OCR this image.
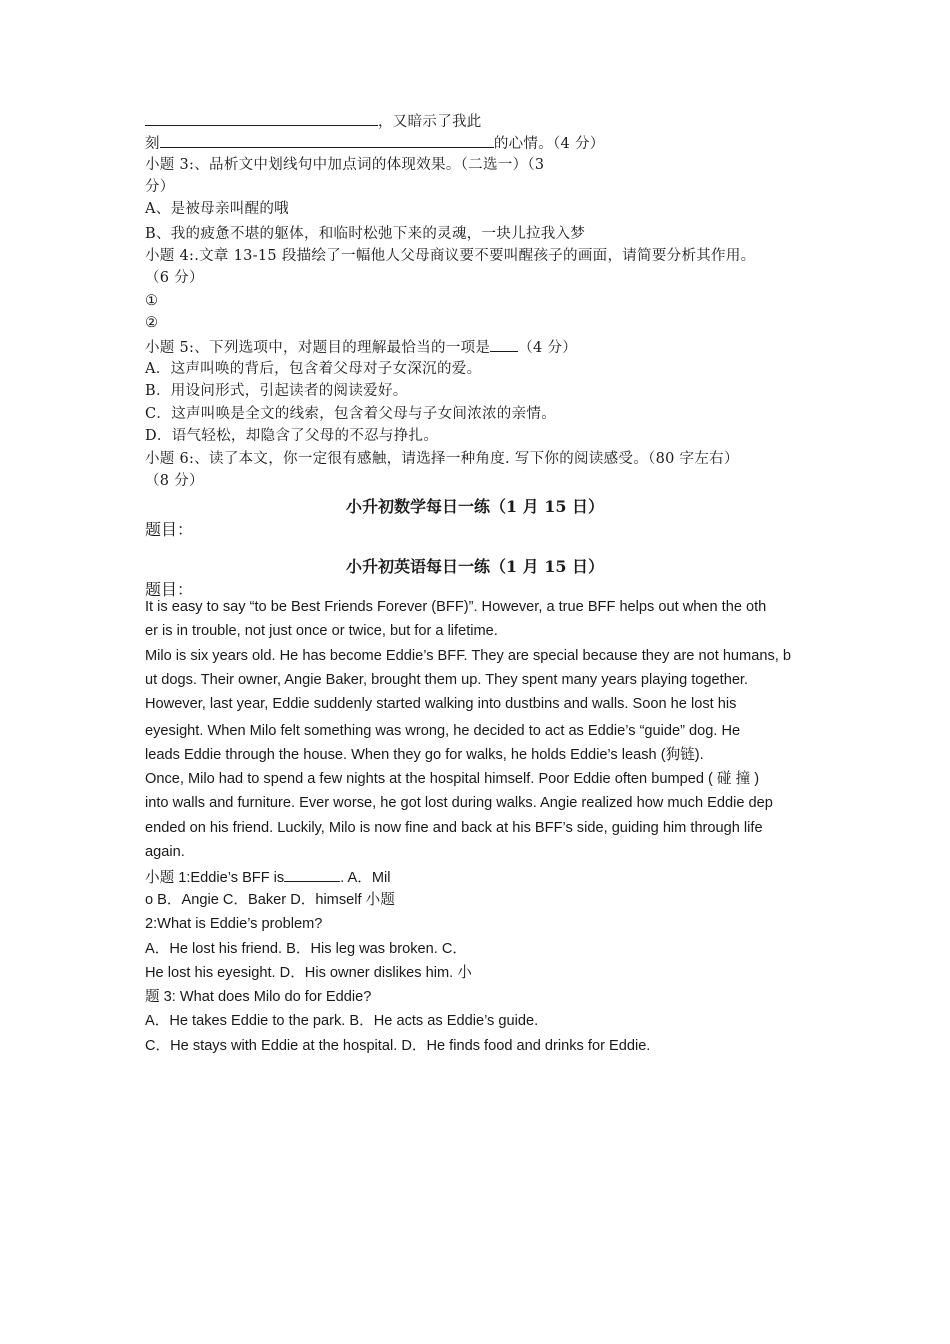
，又暗示了我此
刻	的心情。（4 分）
小题 3:、品析文中划线句中加点词的体现效果。（二选一）（3
分）
A、是被母亲叫醒的哦
B、我的疲惫不堪的躯体，和临时松弛下来的灵魂，一块儿拉我入梦
小题 4:.文章 13-15 段描绘了一幅他人父母商议要不要叫醒孩子的画面，请简要分析其作用。
（6 分）
①
②
小题 5:、下列选项中，对题目的理解最恰当的一项是 （4 分）
A．这声叫唤的背后，包含着父母对子女深沉的爱。
B．用设问形式，引起读者的阅读爱好。
C．这声叫唤是全文的线索，包含着父母与子女间浓浓的亲情。
D．语气轻松，却隐含了父母的不忍与挣扎。
小题 6:、读了本文，你一定很有感触，请选择一种角度. 写下你的阅读感受。（80 字左右）
（8 分）
小升初数学每日一练（1 月 15 日）
题目：
小升初英语每日一练（1 月 15 日）
题目：
It is easy to say “to be Best Friends Forever (BFF)”. However, a true BFF helps out when the oth
er is in trouble, not just once or twice, but for a lifetime.
Milo is six years old. He has become Eddie’s BFF. They are special because they are not humans, b
ut dogs. Their owner, Angie Baker, brought them up. They spent many years playing together.
However, last year, Eddie suddenly started walking into dustbins and walls. Soon he lost his
eyesight. When Milo felt something was wrong, he decided to act as Eddie’s “guide” dog. He
leads Eddie through the house. When they go for walks, he holds Eddie’s leash (狗链).
Once, Milo had to spend a few nights at the hospital himself. Poor Eddie often bumped ( 碰 撞 )
into walls and furniture. Ever worse, he got lost during walks. Angie realized how much Eddie dep
ended on his friend. Luckily, Milo is now fine and back at his BFF’s side, guiding him through life
again.
小题 1:Eddie’s BFF is	. A．Mil
o B．Angie C．Baker D．himself 小题
2:What is Eddie’s problem?
A．He lost his friend. B．His leg was broken. C．
He lost his eyesight. D．His owner dislikes him. 小
题 3: What does Milo do for Eddie?
A．He takes Eddie to the park. B．He acts as Eddie’s guide.
C．He stays with Eddie at the hospital. D．He finds food and drinks for Eddie.
